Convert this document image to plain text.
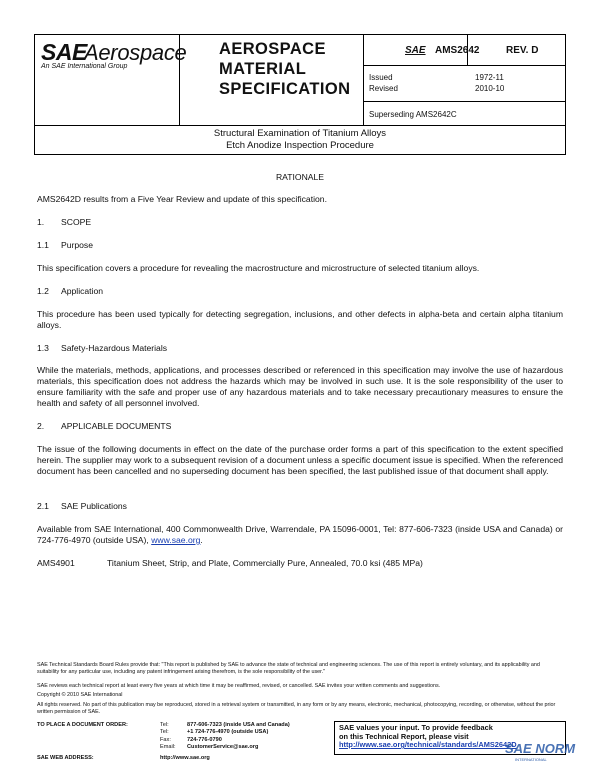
SAE
Aerospace
An SAE International Group
AEROSPACE
MATERIAL
SPECIFICATION
SAE AMS2642	REV. D
Issued	1972-11
Revised	2010-10
Superseding AMS2642C
Structural Examination of Titanium Alloys
Etch Anodize Inspection Procedure
RATIONALE
AMS2642D results from a Five Year Review and update of this specification.
1. SCOPE
1.1 Purpose
This specification covers a procedure for revealing the macrostructure and microstructure of selected titanium alloys.
1.2 Application
This procedure has been used typically for detecting segregation, inclusions, and other defects in alpha-beta and certain alpha titanium alloys.
1.3 Safety-Hazardous Materials
While the materials, methods, applications, and processes described or referenced in this specification may involve the use of hazardous materials, this specification does not address the hazards which may be involved in such use. It is the sole responsibility of the user to ensure familiarity with the safe and proper use of any hazardous materials and to take necessary precautionary measures to ensure the health and safety of all personnel involved.
2. APPLICABLE DOCUMENTS
The issue of the following documents in effect on the date of the purchase order forms a part of this specification to the extent specified herein. The supplier may work to a subsequent revision of a document unless a specific document issue is specified. When the referenced document has been cancelled and no superseding document has been specified, the last published issue of that document shall apply.
2.1 SAE Publications
Available from SAE International, 400 Commonwealth Drive, Warrendale, PA 15096-0001, Tel: 877-606-7323 (inside USA and Canada) or 724-776-4970 (outside USA), www.sae.org.
AMS4901	Titanium Sheet, Strip, and Plate, Commercially Pure, Annealed, 70.0 ksi (485 MPa)
SAE Technical Standards Board Rules provide that: "This report is published by SAE to advance the state of technical and engineering sciences. The use of this report is entirely voluntary, and its applicability and suitability for any particular use, including any patent infringement arising therefrom, is the sole responsibility of the user."
SAE reviews each technical report at least every five years at which time it may be reaffirmed, revised, or cancelled. SAE invites your written comments and suggestions.
Copyright © 2010 SAE International
All rights reserved. No part of this publication may be reproduced, stored in a retrieval system or transmitted, in any form or by any means, electronic, mechanical, photocopying, recording, or otherwise, without the prior written permission of SAE.
TO PLACE A DOCUMENT ORDER:	Tel:	877-606-7323 (inside USA and Canada)
Tel:	+1 724-776-4970 (outside USA)
Fax:	724-776-0790
Email: CustomerService@sae.org
SAE WEB ADDRESS:	http://www.sae.org
SAE values your input. To provide feedback
on this Technical Report, please visit
http://www.sae.org/technical/standards/AMS2642D
SAE NORM
INTERNATIONAL
